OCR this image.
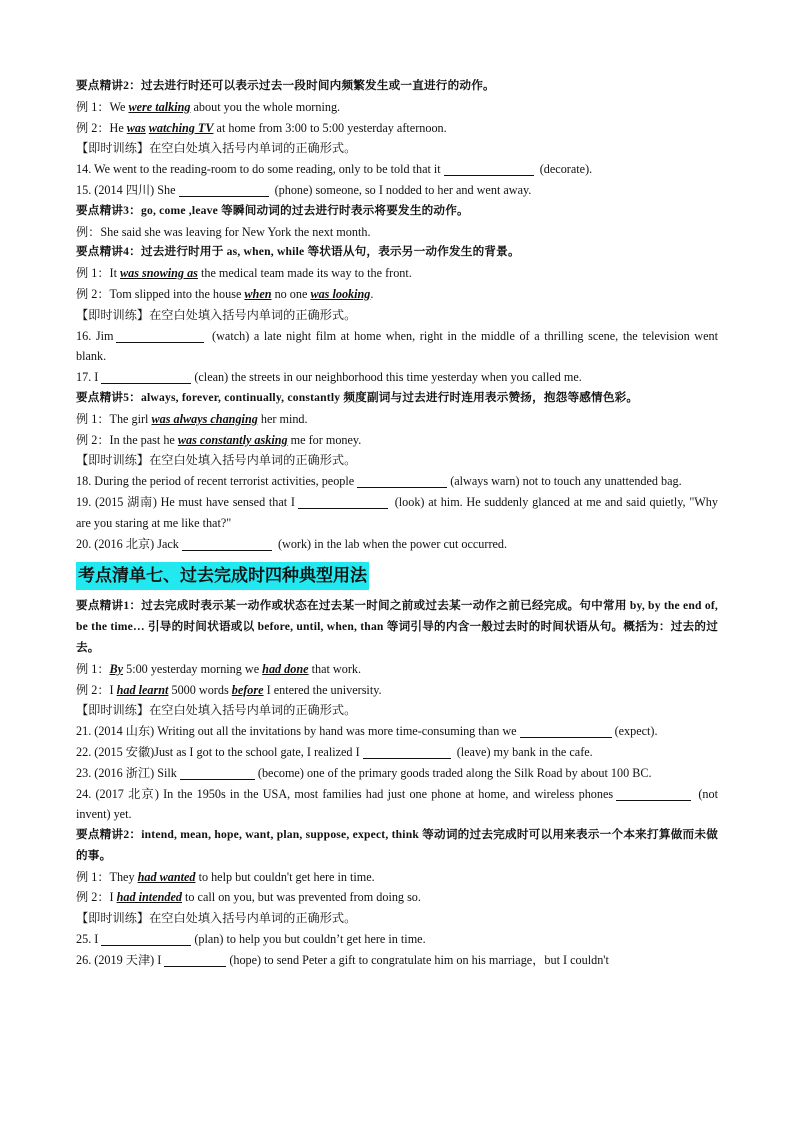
要点精讲2：过去进行时还可以表示过去一段时间内频繁发生或一直进行的动作。
例 1：We were talking about you the whole morning.
例 2：He was watching TV at home from 3:00 to 5:00 yesterday afternoon.
【即时训练】在空白处填入括号内单词的正确形式。
14. We went to the reading-room to do some reading, only to be told that it	(decorate).
15. (2014 四川) She	(phone) someone, so I nodded to her and went away.
要点精讲3：go, come ,leave 等瞬间动词的过去进行时表示将要发生的动作。
例：She said she was leaving for New York the next month.
要点精讲4：过去进行时用于 as, when, while 等状语从句，表示另一动作发生的背景。
例 1：It was snowing as the medical team made its way to the front.
例 2：Tom slipped into the house when no one was looking.
【即时训练】在空白处填入括号内单词的正确形式。
16. Jim	(watch) a late night film at home when, right in the middle of a thrilling scene, the television went blank.
17. I	(clean) the streets in our neighborhood this time yesterday when you called me.
要点精讲5：always, forever, continually, constantly 频度副词与过去进行时连用表示赞扬，抱怨等感情色彩。
例 1：The girl was always changing her mind.
例 2：In the past he was constantly asking me for money.
【即时训练】在空白处填入括号内单词的正确形式。
18. During the period of recent terrorist activities, people	(always warn) not to touch any unattended bag.
19. (2015 湖南) He must have sensed that I	(look) at him. He suddenly glanced at me and said quietly, "Why are you staring at me like that?"
20. (2016 北京) Jack	(work) in the lab when the power cut occurred.
考点清单七、过去完成时四种典型用法
要点精讲1：过去完成时表示某一动作或状态在过去某一时间之前或过去某一动作之前已经完成。句中常用 by, by the end of, be the time… 引导的时间状语或以 before, until, when, than 等词引导的内含一般过去时的时间状语从句。概括为：过去的过去。
例 1：By 5:00 yesterday morning we had done that work.
例 2：I had learnt 5000 words before I entered the university.
【即时训练】在空白处填入括号内单词的正确形式。
21. (2014 山东) Writing out all the invitations by hand was more time-consuming than we	(expect).
22. (2015 安徽)Just as I got to the school gate, I realized I	(leave) my bank in the cafe.
23. (2016 浙江) Silk	(become) one of the primary goods traded along the Silk Road by about 100 BC.
24. (2017 北京) In the 1950s in the USA, most families had just one phone at home, and wireless phones	(not invent) yet.
要点精讲2：intend, mean, hope, want, plan, suppose, expect, think 等动词的过去完成时可以用来表示一个本来打算做而未做的事。
例 1：They had wanted to help but couldn't get here in time.
例 2：I had intended to call on you, but was prevented from doing so.
【即时训练】在空白处填入括号内单词的正确形式。
25. I	(plan) to help you but couldn’t get here in time.
26. (2019 天津) I	(hope) to send Peter a gift to congratulate him on his marriage，but I couldn't
